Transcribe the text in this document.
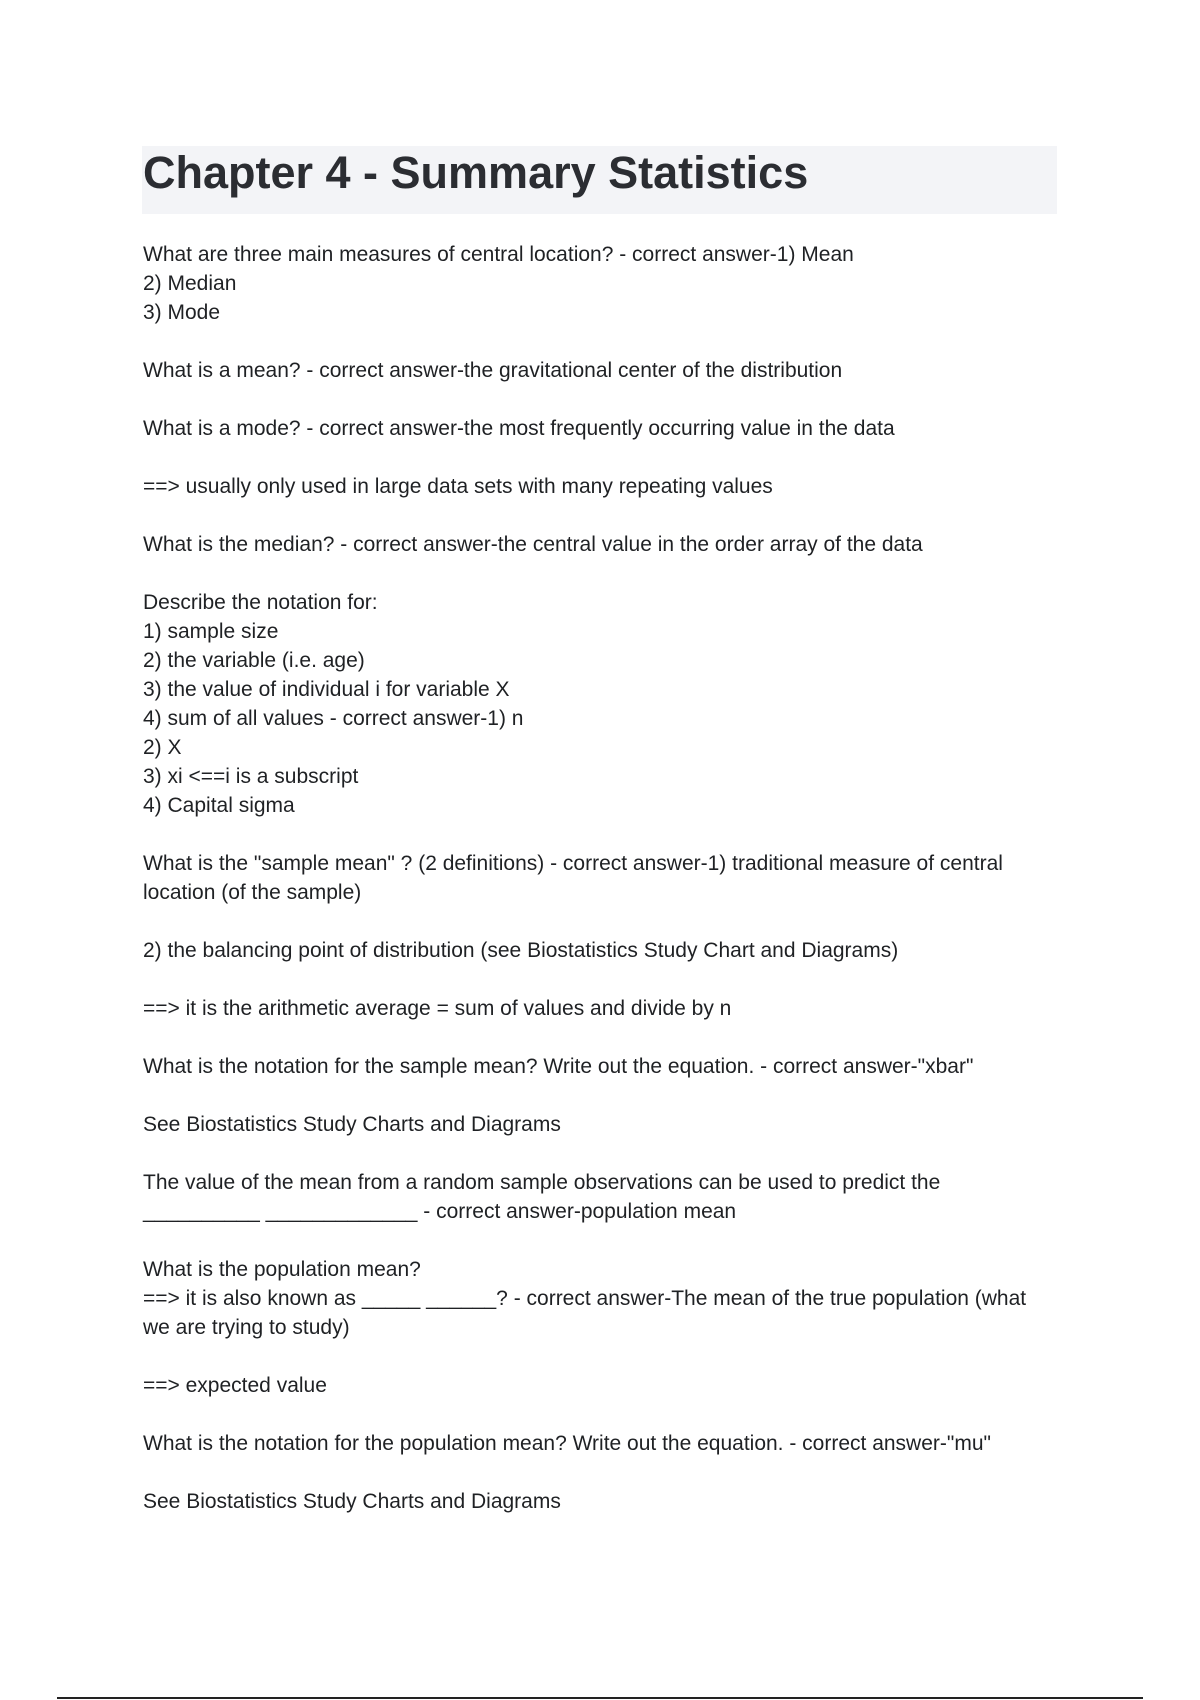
Chapter 4 - Summary Statistics
What are three main measures of central location? - correct answer-1) Mean
2) Median
3) Mode
What is a mean? - correct answer-the gravitational center of the distribution
What is a mode? - correct answer-the most frequently occurring value in the data
==> usually only used in large data sets with many repeating values
What is the median? - correct answer-the central value in the order array of the data
Describe the notation for:
1) sample size
2) the variable (i.e. age)
3) the value of individual i for variable X
4) sum of all values - correct answer-1) n
2) X
3) xi <==i is a subscript
4) Capital sigma
What is the "sample mean" ? (2 definitions) - correct answer-1) traditional measure of central
location (of the sample)
2) the balancing point of distribution (see Biostatistics Study Chart and Diagrams)
==> it is the arithmetic average = sum of values and divide by n
What is the notation for the sample mean? Write out the equation. - correct answer-"xbar"
See Biostatistics Study Charts and Diagrams
The value of the mean from a random sample observations can be used to predict the
__________ _____________ - correct answer-population mean
What is the population mean?
==> it is also known as _____ ______? - correct answer-The mean of the true population (what
we are trying to study)
==> expected value
What is the notation for the population mean? Write out the equation. - correct answer-"mu"
See Biostatistics Study Charts and Diagrams
